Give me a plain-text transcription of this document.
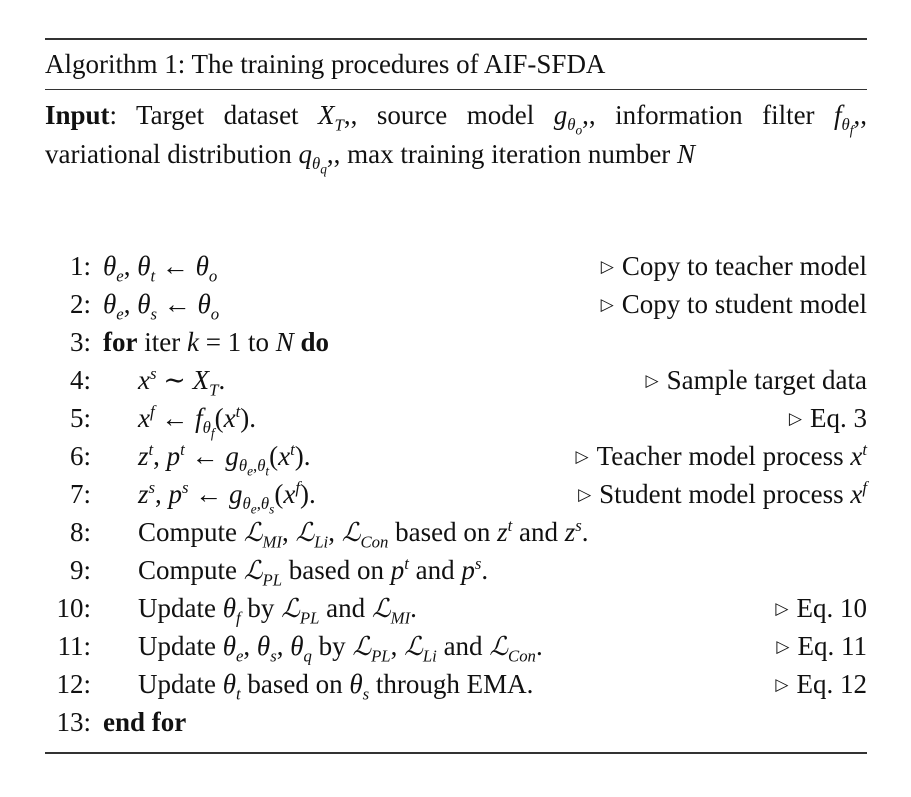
Algorithm 1: The training procedures of AIF-SFDA
Input: Target dataset $X_T$,, source model $g_{\theta_o}$,, information filter $f_{\theta_f}$,, variational distribution $q_{\theta_q}$,, max training iteration number N
1: $\theta_e$, $\theta_t$ ← $\theta_o$	▷ Copy to teacher model
2: $\theta_e$, $\theta_s$ ← $\theta_o$	▷ Copy to student model
3: for iter k = 1 to N do
4: $x^s$ ∼ $X_T$.	▷ Sample target data
5: $x^f$ ← $f_{\theta_f}(x^t)$.	▷ Eq. 3
6: $z^t$, $p^t$ ← $g_{\theta_e,\theta_t}(x^t)$.	▷ Teacher model process $x^t$
7: $z^s$, $p^s$ ← $g_{\theta_e,\theta_s}(x^f)$.	▷ Student model process $x^f$
8: Compute ℒ$_{MI}$, ℒ$_{Li}$, ℒ$_{Con}$ based on $z^t$ and $z^s$.
9: Compute ℒ$_{PL}$ based on $p^t$ and $p^s$.
10: Update $\theta_f$ by ℒ$_{PL}$ and ℒ$_{MI}$.	▷ Eq. 10
11: Update $\theta_e$, $\theta_s$, $\theta_q$ by ℒ$_{PL}$, ℒ$_{Li}$ and ℒ$_{Con}$.	▷ Eq. 11
12: Update $\theta_t$ based on $\theta_s$ through EMA.	▷ Eq. 12
13: end for
